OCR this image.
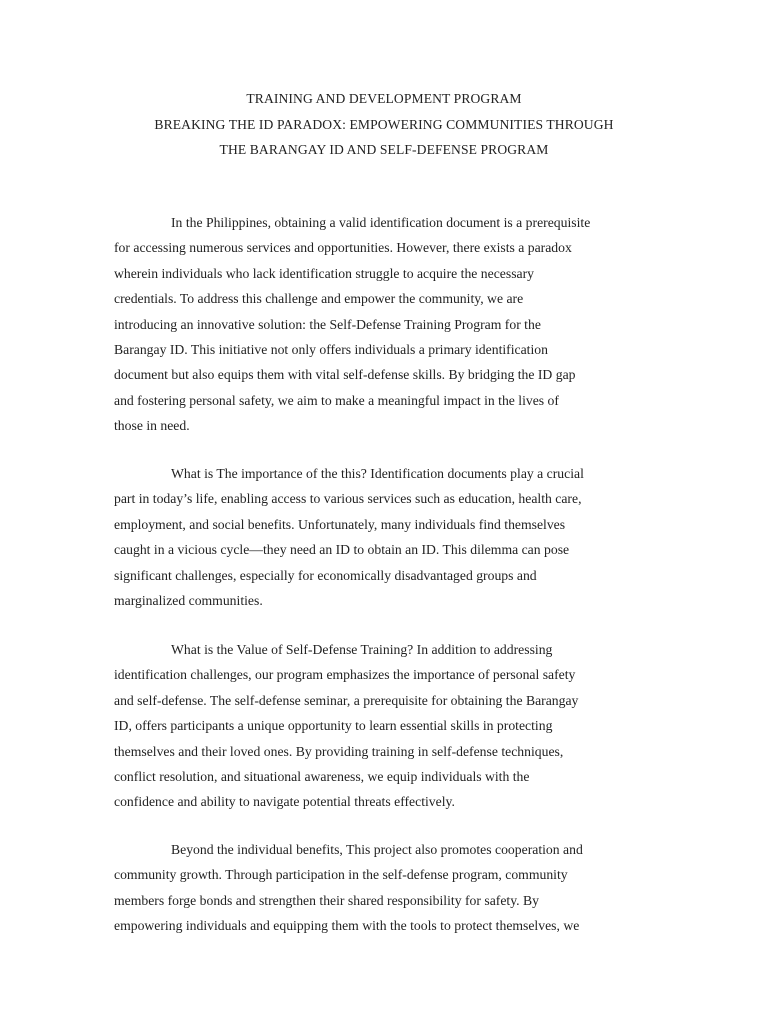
TRAINING AND DEVELOPMENT PROGRAM
BREAKING THE ID PARADOX: EMPOWERING COMMUNITIES THROUGH
THE BARANGAY ID AND SELF-DEFENSE PROGRAM

In the Philippines, obtaining a valid identification document is a prerequisite
for accessing numerous services and opportunities. However, there exists a paradox
wherein individuals who lack identification struggle to acquire the necessary
credentials. To address this challenge and empower the community, we are
introducing an innovative solution: the Self-Defense Training Program for the
Barangay ID. This initiative not only offers individuals a primary identification
document but also equips them with vital self-defense skills. By bridging the ID gap
and fostering personal safety, we aim to make a meaningful impact in the lives of
those in need.

What is The importance of the this? Identification documents play a crucial
part in today’s life, enabling access to various services such as education, health care,
employment, and social benefits. Unfortunately, many individuals find themselves
caught in a vicious cycle—they need an ID to obtain an ID. This dilemma can pose
significant challenges, especially for economically disadvantaged groups and
marginalized communities.

What is the Value of Self-Defense Training? In addition to addressing
identification challenges, our program emphasizes the importance of personal safety
and self-defense. The self-defense seminar, a prerequisite for obtaining the Barangay
ID, offers participants a unique opportunity to learn essential skills in protecting
themselves and their loved ones. By providing training in self-defense techniques,
conflict resolution, and situational awareness, we equip individuals with the
confidence and ability to navigate potential threats effectively.

Beyond the individual benefits, This project also promotes cooperation and
community growth. Through participation in the self-defense program, community
members forge bonds and strengthen their shared responsibility for safety. By
empowering individuals and equipping them with the tools to protect themselves, we
